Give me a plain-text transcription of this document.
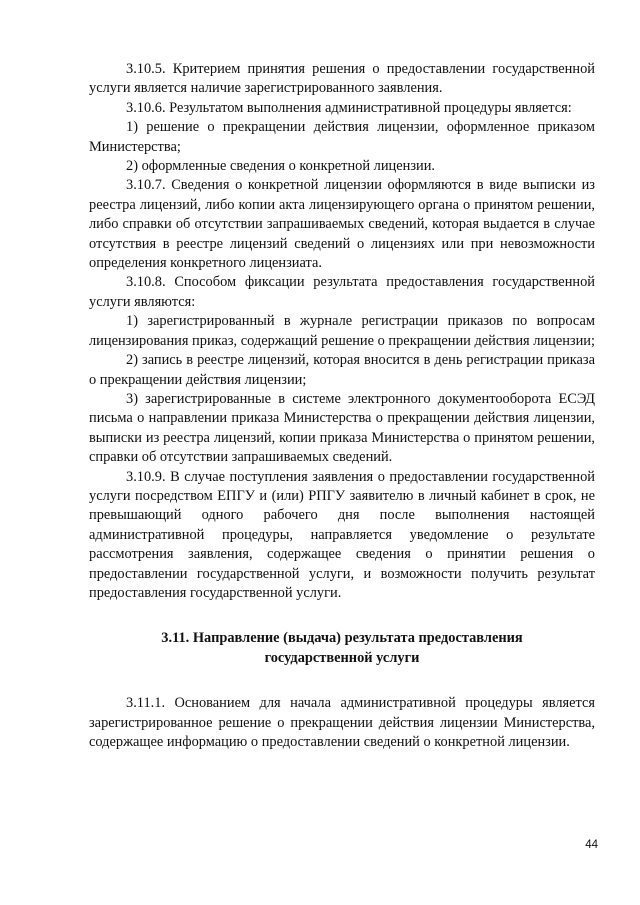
3.10.5. Критерием принятия решения о предоставлении государственной услуги является наличие зарегистрированного заявления.

3.10.6. Результатом выполнения административной процедуры является:

1) решение о прекращении действия лицензии, оформленное приказом Министерства;

2) оформленные сведения о конкретной лицензии.

3.10.7. Сведения о конкретной лицензии оформляются в виде выписки из реестра лицензий, либо копии акта лицензирующего органа о принятом решении, либо справки об отсутствии запрашиваемых сведений, которая выдается в случае отсутствия в реестре лицензий сведений о лицензиях или при невозможности определения конкретного лицензиата.

3.10.8. Способом фиксации результата предоставления государственной услуги являются:

1) зарегистрированный в журнале регистрации приказов по вопросам лицензирования приказ, содержащий решение о прекращении действия лицензии;

2) запись в реестре лицензий, которая вносится в день регистрации приказа о прекращении действия лицензии;

3) зарегистрированные в системе электронного документооборота ЕСЭД письма о направлении приказа Министерства о прекращении действия лицензии, выписки из реестра лицензий, копии приказа Министерства о принятом решении, справки об отсутствии запрашиваемых сведений.

3.10.9. В случае поступления заявления о предоставлении государственной услуги посредством ЕПГУ и (или) РПГУ заявителю в личный кабинет в срок, не превышающий одного рабочего дня после выполнения настоящей административной процедуры, направляется уведомление о результате рассмотрения заявления, содержащее сведения о принятии решения о предоставлении государственной услуги, и возможности получить результат предоставления государственной услуги.

3.11. Направление (выдача) результата предоставления
государственной услуги

3.11.1. Основанием для начала административной процедуры является зарегистрированное решение о прекращении действия лицензии Министерства, содержащее информацию о предоставлении сведений о конкретной лицензии.

44
